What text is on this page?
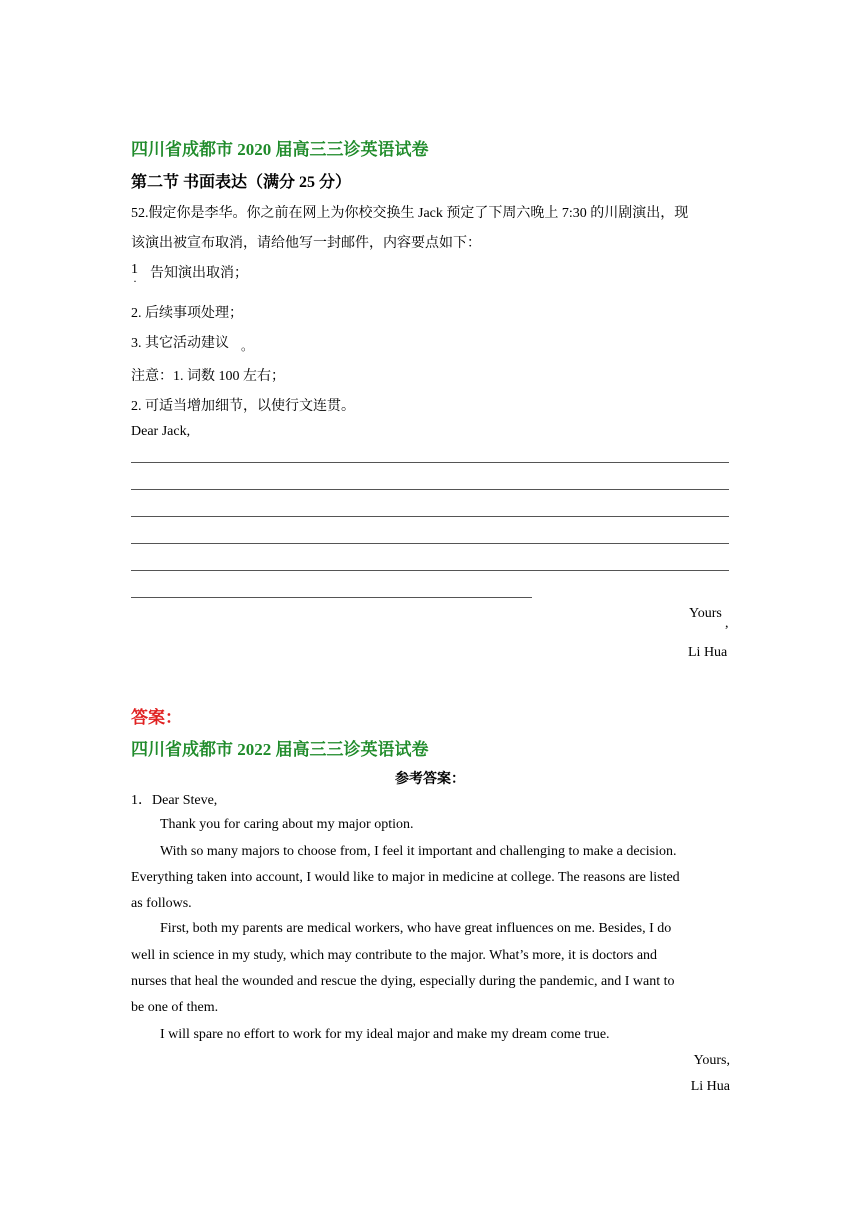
四川省成都市 2020 届高三三诊英语试卷
第二节 书面表达（满分 25 分）
52.假定你是李华。你之前在网上为你校交换生 Jack 预定了下周六晚上 7:30 的川剧演出，现
该演出被宣布取消，请给他写一封邮件，内容要点如下：
1
· 告知演出取消；
2. 后续事项处理；
3. 其它活动建议 。
注意：1. 词数 100 左右；
2. 可适当增加细节，以使行文连贯。
Dear Jack,
Yours
,
Li Hua
答案：
四川省成都市 2022 届高三三诊英语试卷
参考答案：
1．Dear Steve,
Thank you for caring about my major option.
With so many majors to choose from, I feel it important and challenging to make a decision.
Everything taken into account, I would like to major in medicine at college. The reasons are listed
as follows.
First, both my parents are medical workers, who have great influences on me. Besides, I do
well in science in my study, which may contribute to the major. What’s more, it is doctors and
nurses that heal the wounded and rescue the dying, especially during the pandemic, and I want to
be one of them.
I will spare no effort to work for my ideal major and make my dream come true.
Yours,
Li Hua
